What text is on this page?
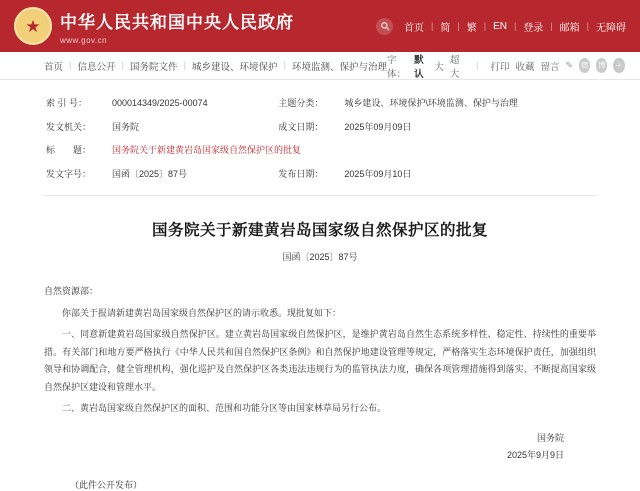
★ 中华人民共和国中央人民政府
www.gov.cn
首页 | 简 | 繁 | EN | 登录 | 邮箱 | 无障碍
首页 | 信息公开 | 国务院文件 | 城乡建设、环境保护 | 环境监测、保护与治理
字体：
默认
大
超大
| 打印 收藏 留言 ✎ 微 博 ＋
索 引 号：	000014349/2025-00074	主题分类：	城乡建设、环境保护\环境监测、保护与治理
发文机关：	国务院	成文日期：	2025年09月09日
标　　题：	国务院关于新建黄岩岛国家级自然保护区的批复		
发文字号：	国函〔2025〕87号	发布日期：	2025年09月10日
国务院关于新建黄岩岛国家级自然保护区的批复
国函〔2025〕87号

自然资源部：

你部关于报请新建黄岩岛国家级自然保护区的请示收悉。现批复如下：

一、同意新建黄岩岛国家级自然保护区。建立黄岩岛国家级自然保护区，是维护黄岩岛自然生态系统多样性、稳定性、持续性的重要举措。有关部门和地方要严格执行《中华人民共和国自然保护区条例》和自然保护地建设管理等规定，严格落实生态环境保护责任，加强组织领导和协调配合，健全管理机构，强化巡护及自然保护区各类违法违规行为的监管执法力度，确保各项管理措施得到落实、不断提高国家级自然保护区建设和管理水平。

二、黄岩岛国家级自然保护区的面积、范围和功能分区等由国家林草局另行公布。

国务院
2025年9月9日
（此件公开发布）
